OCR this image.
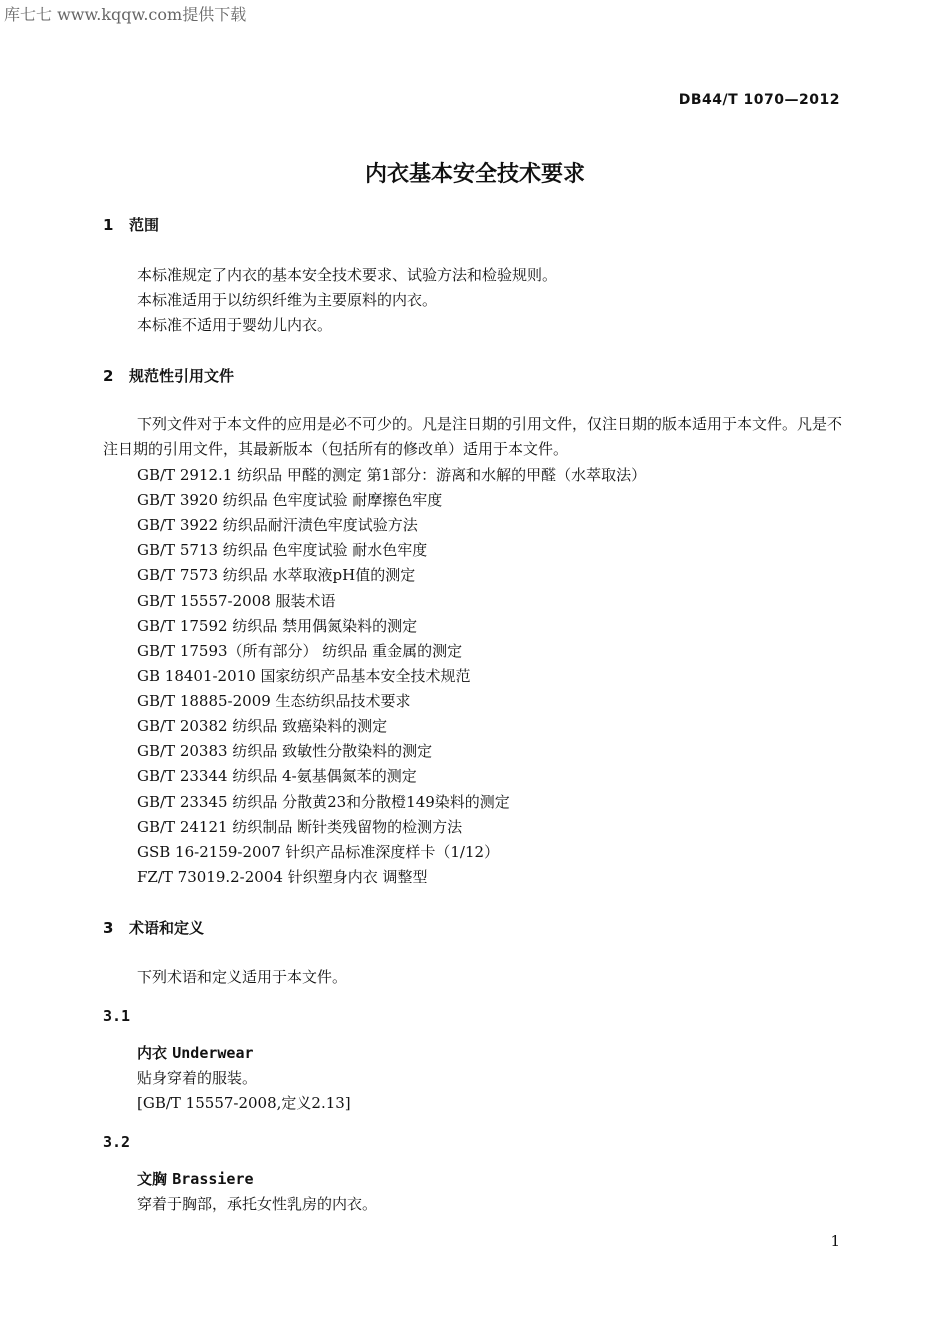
库七七 www.kqqw.com提供下载
DB44/T 1070—2012
内衣基本安全技术要求
1 范围
本标准规定了内衣的基本安全技术要求、试验方法和检验规则。
本标准适用于以纺织纤维为主要原料的内衣。
本标准不适用于婴幼儿内衣。
2 规范性引用文件
下列文件对于本文件的应用是必不可少的。凡是注日期的引用文件，仅注日期的版本适用于本文件。凡是不注日期的引用文件，其最新版本（包括所有的修改单）适用于本文件。
GB/T 2912.1 纺织品 甲醛的测定 第1部分：游离和水解的甲醛（水萃取法）
GB/T 3920 纺织品 色牢度试验 耐摩擦色牢度
GB/T 3922 纺织品耐汗渍色牢度试验方法
GB/T 5713 纺织品 色牢度试验 耐水色牢度
GB/T 7573 纺织品 水萃取液pH值的测定
GB/T 15557-2008 服装术语
GB/T 17592 纺织品 禁用偶氮染料的测定
GB/T 17593（所有部分） 纺织品 重金属的测定
GB 18401-2010 国家纺织产品基本安全技术规范
GB/T 18885-2009 生态纺织品技术要求
GB/T 20382 纺织品 致癌染料的测定
GB/T 20383 纺织品 致敏性分散染料的测定
GB/T 23344 纺织品 4-氨基偶氮苯的测定
GB/T 23345 纺织品 分散黄23和分散橙149染料的测定
GB/T 24121 纺织制品 断针类残留物的检测方法
GSB 16-2159-2007 针织产品标准深度样卡（1/12）
FZ/T 73019.2-2004 针织塑身内衣 调整型
3 术语和定义
下列术语和定义适用于本文件。
3.1
内衣 Underwear
贴身穿着的服装。
[GB/T 15557-2008,定义2.13]
3.2
文胸 Brassiere
穿着于胸部，承托女性乳房的内衣。
1
